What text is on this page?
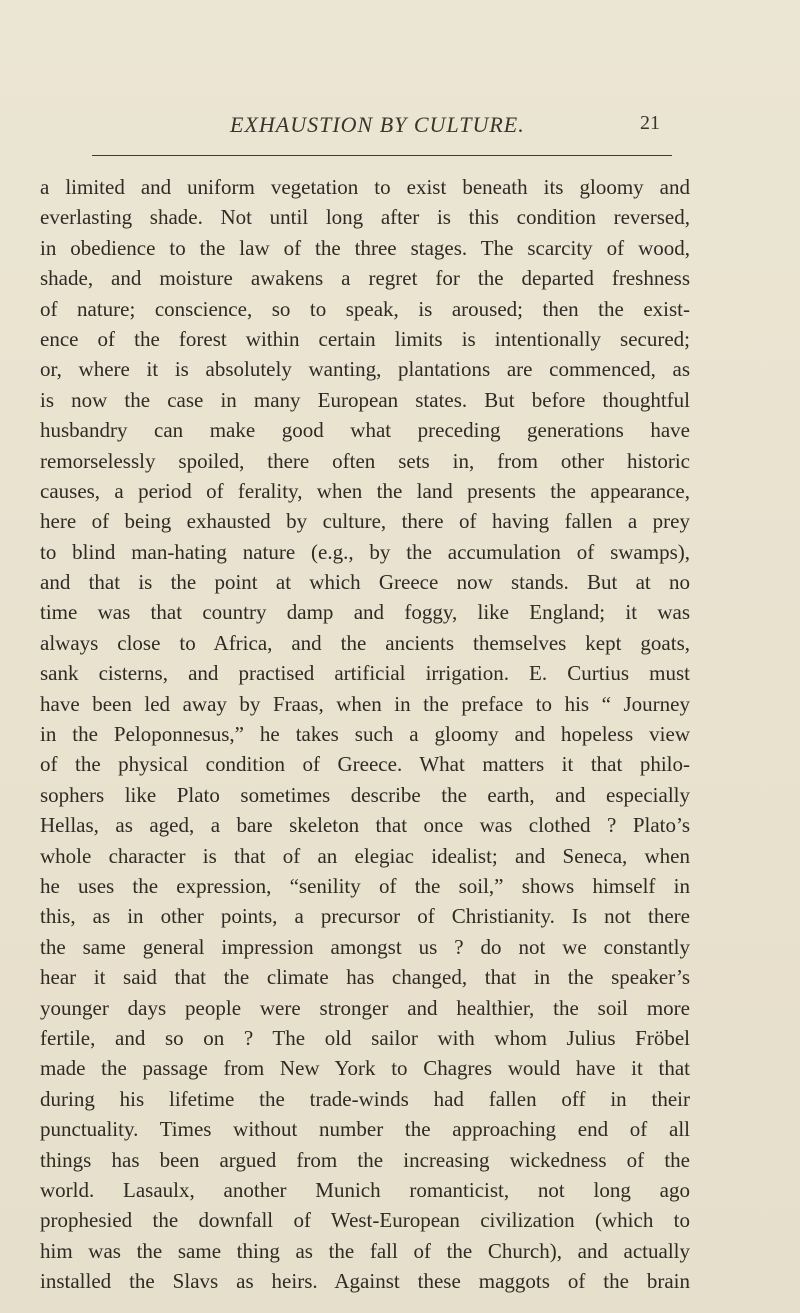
EXHAUSTION BY CULTURE.	21
a limited and uniform vegetation to exist beneath its gloomy and
everlasting shade. Not until long after is this condition reversed,
in obedience to the law of the three stages. The scarcity of wood,
shade, and moisture awakens a regret for the departed freshness
of nature; conscience, so to speak, is aroused; then the exist-
ence of the forest within certain limits is intentionally secured;
or, where it is absolutely wanting, plantations are commenced, as
is now the case in many European states. But before thoughtful
husbandry can make good what preceding generations have
remorselessly spoiled, there often sets in, from other historic
causes, a period of ferality, when the land presents the appearance,
here of being exhausted by culture, there of having fallen a prey
to blind man-hating nature (e.g., by the accumulation of swamps),
and that is the point at which Greece now stands. But at no
time was that country damp and foggy, like England; it was
always close to Africa, and the ancients themselves kept goats,
sank cisterns, and practised artificial irrigation. E. Curtius must
have been led away by Fraas, when in the preface to his “ Journey
in the Peloponnesus,” he takes such a gloomy and hopeless view
of the physical condition of Greece. What matters it that philo-
sophers like Plato sometimes describe the earth, and especially
Hellas, as aged, a bare skeleton that once was clothed ? Plato’s
whole character is that of an elegiac idealist; and Seneca, when
he uses the expression, “senility of the soil,” shows himself in
this, as in other points, a precursor of Christianity. Is not there
the same general impression amongst us ? do not we constantly
hear it said that the climate has changed, that in the speaker’s
younger days people were stronger and healthier, the soil more
fertile, and so on ? The old sailor with whom Julius Fröbel
made the passage from New York to Chagres would have it that
during his lifetime the trade-winds had fallen off in their
punctuality. Times without number the approaching end of all
things has been argued from the increasing wickedness of the
world. Lasaulx, another Munich romanticist, not long ago
prophesied the downfall of West-European civilization (which to
him was the same thing as the fall of the Church), and actually
installed the Slavs as heirs. Against these maggots of the brain
